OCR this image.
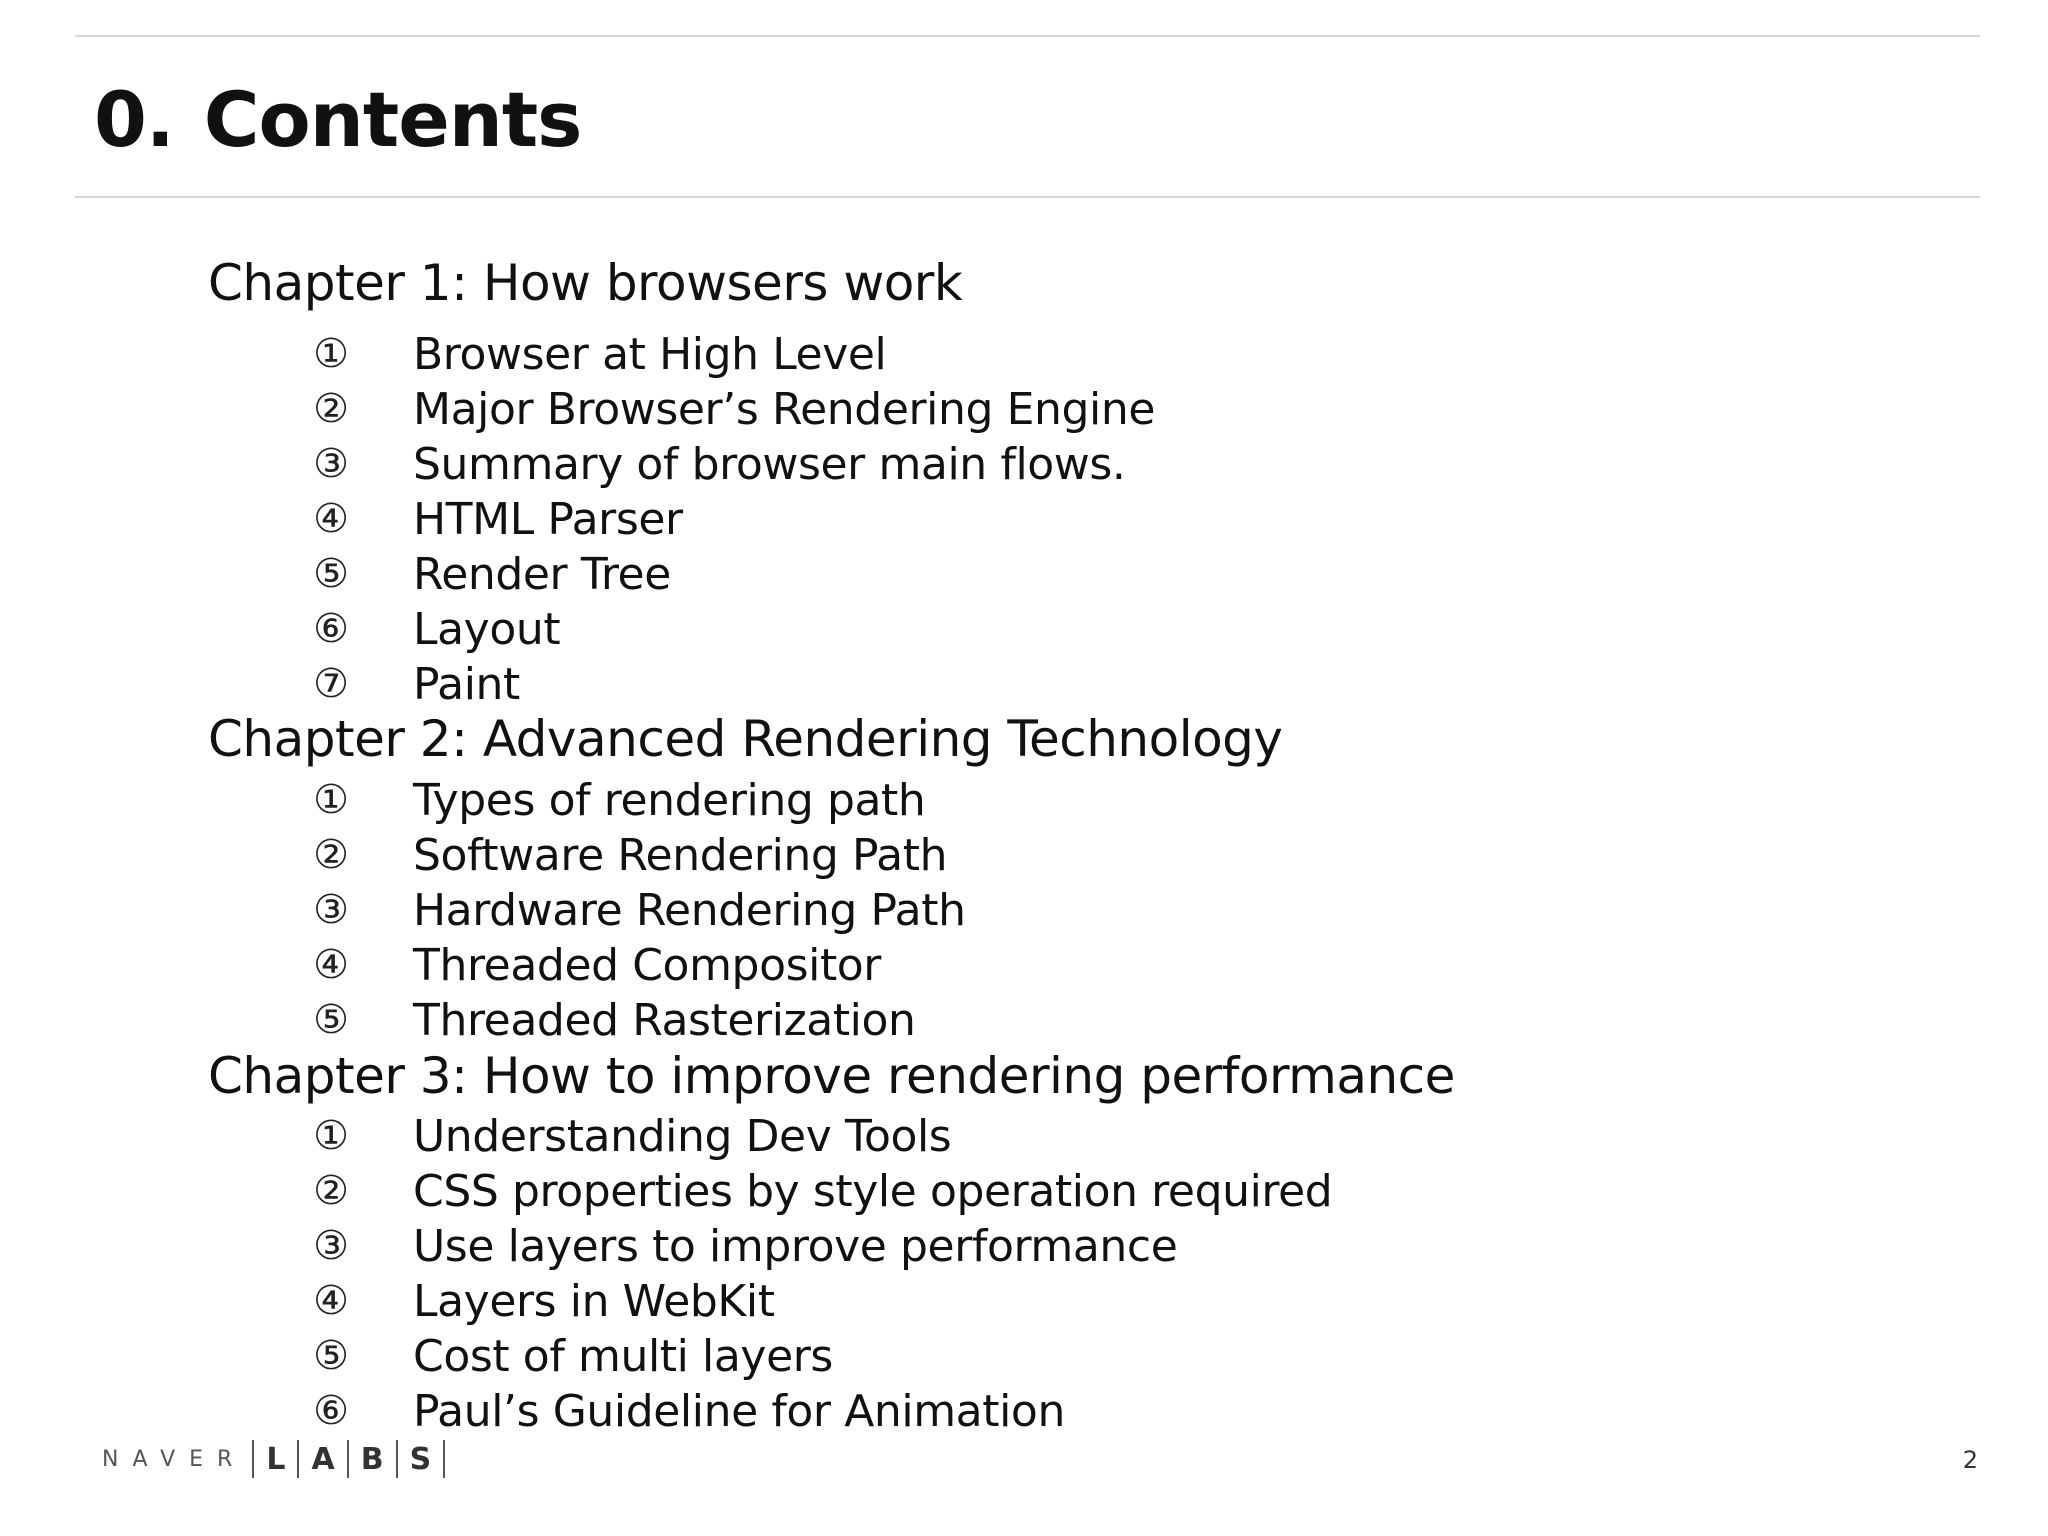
0. Contents
Chapter 1: How browsers work
① Browser at High Level
② Major Browser’s Rendering Engine
③ Summary of browser main flows.
④ HTML Parser
⑤ Render Tree
⑥ Layout
⑦ Paint
Chapter 2: Advanced Rendering Technology
① Types of rendering path
② Software Rendering Path
③ Hardware Rendering Path
④ Threaded Compositor
⑤ Threaded Rasterization
Chapter 3: How to improve rendering performance
① Understanding Dev Tools
② CSS properties by style operation required
③ Use layers to improve performance
④ Layers in WebKit
⑤ Cost of multi layers
⑥ Paul’s Guideline for Animation
NAVER L A B S	2
